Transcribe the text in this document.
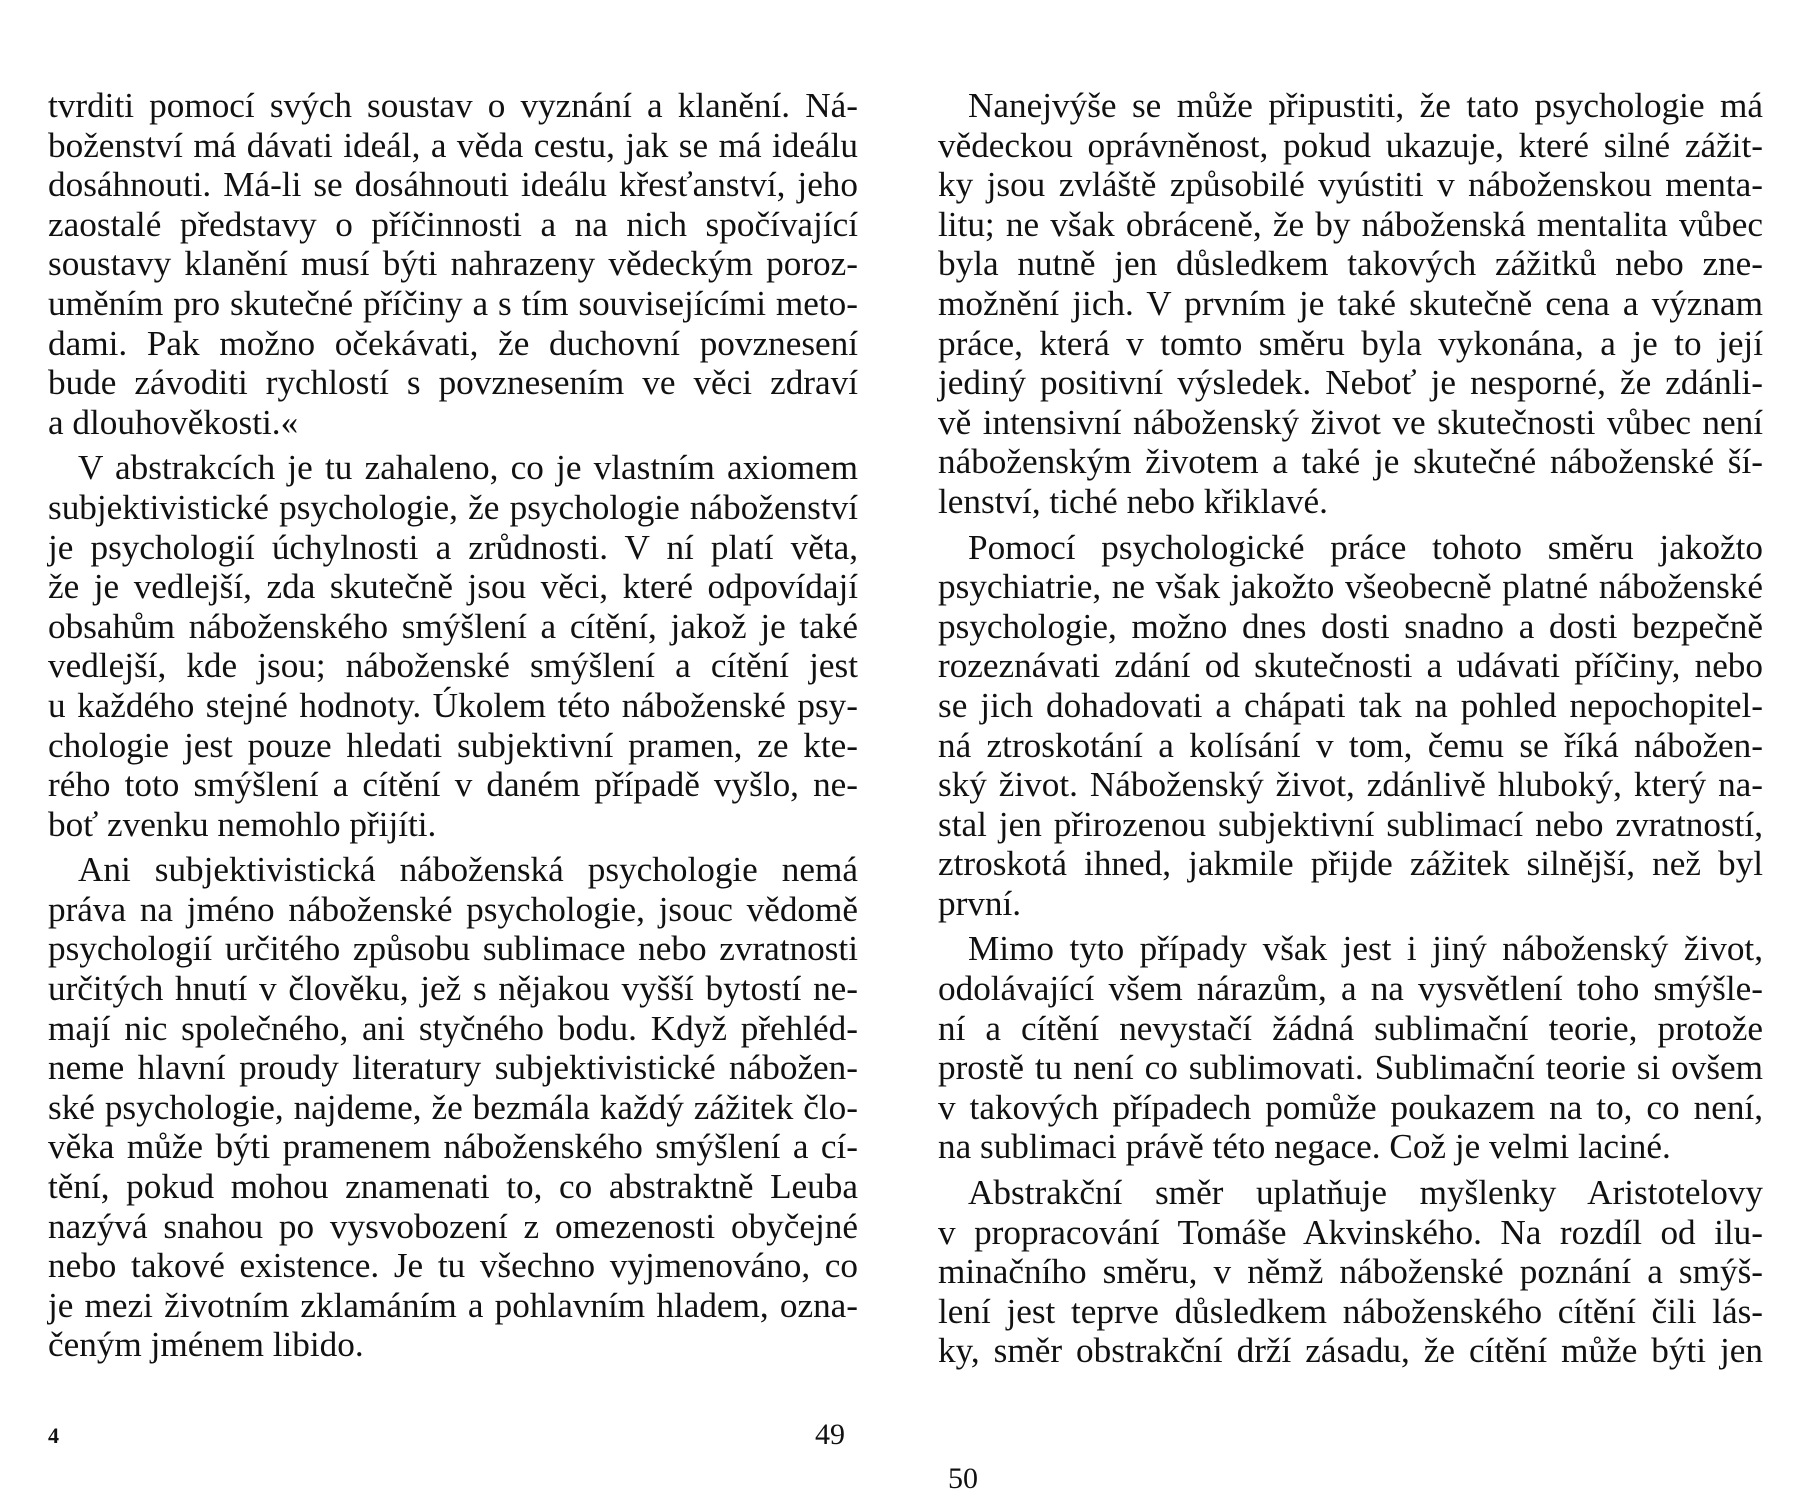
tvrditi pomocí svých soustav o vyznání a klanění. Ná-
boženství má dávati ideál, a věda cestu, jak se má ideálu
dosáhnouti. Má-li se dosáhnouti ideálu křesťanství, jeho
zaostalé představy o příčinnosti a na nich spočívající
soustavy klanění musí býti nahrazeny vědeckým poroz-
uměním pro skutečné příčiny a s tím souvisejícími meto-
dami. Pak možno očekávati, že duchovní povznesení
bude závoditi rychlostí s povznesením ve věci zdraví
a dlouhověkosti.«
V abstrakcích je tu zahaleno, co je vlastním axiomem
subjektivistické psychologie, že psychologie náboženství
je psychologií úchylnosti a zrůdnosti. V ní platí věta,
že je vedlejší, zda skutečně jsou věci, které odpovídají
obsahům náboženského smýšlení a cítění, jakož je také
vedlejší, kde jsou; náboženské smýšlení a cítění jest
u každého stejné hodnoty. Úkolem této náboženské psy-
chologie jest pouze hledati subjektivní pramen, ze kte-
rého toto smýšlení a cítění v daném případě vyšlo, ne-
boť zvenku nemohlo přijíti.
Ani subjektivistická náboženská psychologie nemá
práva na jméno náboženské psychologie, jsouc vědomě
psychologií určitého způsobu sublimace nebo zvratnosti
určitých hnutí v člověku, jež s nějakou vyšší bytostí ne-
mají nic společného, ani styčného bodu. Když přehléd-
neme hlavní proudy literatury subjektivistické nábožen-
ské psychologie, najdeme, že bezmála každý zážitek člo-
věka může býti pramenem náboženského smýšlení a cí-
tění, pokud mohou znamenati to, co abstraktně Leuba
nazývá snahou po vysvobození z omezenosti obyčejné
nebo takové existence. Je tu všechno vyjmenováno, co
je mezi životním zklamáním a pohlavním hladem, ozna-
čeným jménem libido.
4	49
Nanejvýše se může připustiti, že tato psychologie má
vědeckou oprávněnost, pokud ukazuje, které silné zážit-
ky jsou zvláště způsobilé vyústiti v náboženskou menta-
litu; ne však obráceně, že by náboženská mentalita vůbec
byla nutně jen důsledkem takových zážitků nebo zne-
možnění jich. V prvním je také skutečně cena a význam
práce, která v tomto směru byla vykonána, a je to její
jediný positivní výsledek. Neboť je nesporné, že zdánli-
vě intensivní náboženský život ve skutečnosti vůbec není
náboženským životem a také je skutečné náboženské ší-
lenství, tiché nebo křiklavé.
Pomocí psychologické práce tohoto směru jakožto
psychiatrie, ne však jakožto všeobecně platné náboženské
psychologie, možno dnes dosti snadno a dosti bezpečně
rozeznávati zdání od skutečnosti a udávati příčiny, nebo
se jich dohadovati a chápati tak na pohled nepochopitel-
ná ztroskotání a kolísání v tom, čemu se říká nábožen-
ský život. Náboženský život, zdánlivě hluboký, který na-
stal jen přirozenou subjektivní sublimací nebo zvratností,
ztroskotá ihned, jakmile přijde zážitek silnější, než byl
první.
Mimo tyto případy však jest i jiný náboženský život,
odolávající všem nárazům, a na vysvětlení toho smýšle-
ní a cítění nevystačí žádná sublimační teorie, protože
prostě tu není co sublimovati. Sublimační teorie si ovšem
v takových případech pomůže poukazem na to, co není,
na sublimaci právě této negace. Což je velmi laciné.
Abstrakční směr uplatňuje myšlenky Aristotelovy
v propracování Tomáše Akvinského. Na rozdíl od ilu-
minačního směru, v němž náboženské poznání a smýš-
lení jest teprve důsledkem náboženského cítění čili lás-
ky, směr obstrakční drží zásadu, že cítění může býti jen
50
